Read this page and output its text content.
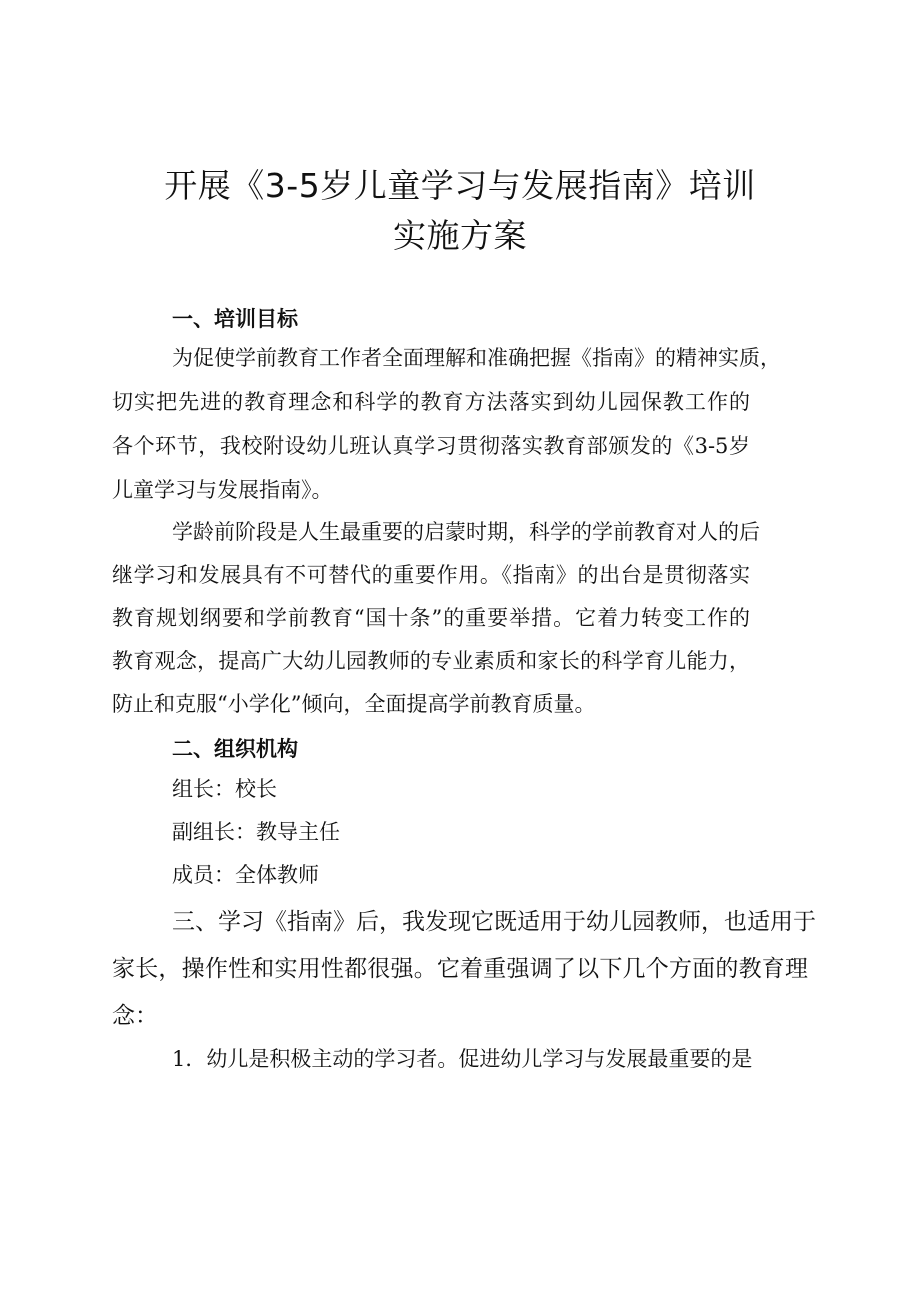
开展《3-5岁儿童学习与发展指南》培训
实施方案
一、培训目标
为促使学前教育工作者全面理解和准确把握《指南》的精神实质，
切实把先进的教育理念和科学的教育方法落实到幼儿园保教工作的
各个环节，我校附设幼儿班认真学习贯彻落实教育部颁发的《3-5岁
儿童学习与发展指南》。
学龄前阶段是人生最重要的启蒙时期，科学的学前教育对人的后
继学习和发展具有不可替代的重要作用。《指南》的出台是贯彻落实
教育规划纲要和学前教育“国十条”的重要举措。它着力转变工作的
教育观念，提高广大幼儿园教师的专业素质和家长的科学育儿能力，
防止和克服“小学化”倾向，全面提高学前教育质量。
二、组织机构
组长：校长
副组长：教导主任
成员：全体教师
三、学习《指南》后，我发现它既适用于幼儿园教师，也适用于
家长，操作性和实用性都很强。它着重强调了以下几个方面的教育理
念：
1．幼儿是积极主动的学习者。促进幼儿学习与发展最重要的是
